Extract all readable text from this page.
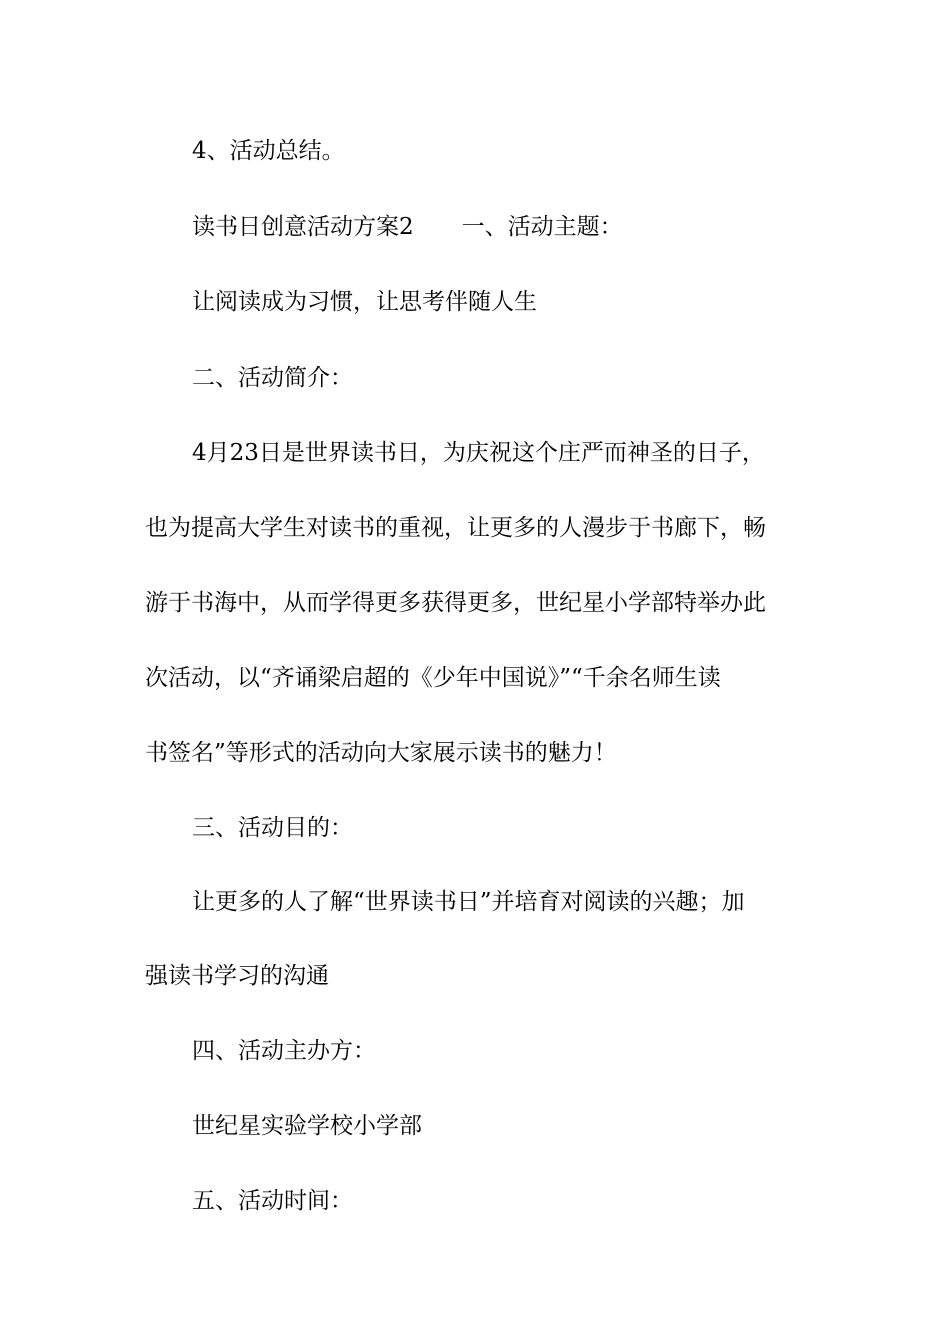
4、活动总结。
读书日创意活动方案2 一、活动主题：
让阅读成为习惯，让思考伴随人生
二、活动简介：
4月23日是世界读书日，为庆祝这个庄严而神圣的日子，
也为提高大学生对读书的重视，让更多的人漫步于书廊下，畅
游于书海中，从而学得更多获得更多，世纪星小学部特举办此
次活动，以“齐诵梁启超的《少年中国说》”“千余名师生读
书签名”等形式的活动向大家展示读书的魅力！
三、活动目的：
让更多的人了解“世界读书日”并培育对阅读的兴趣；加
强读书学习的沟通
四、活动主办方：
世纪星实验学校小学部
五、活动时间：
